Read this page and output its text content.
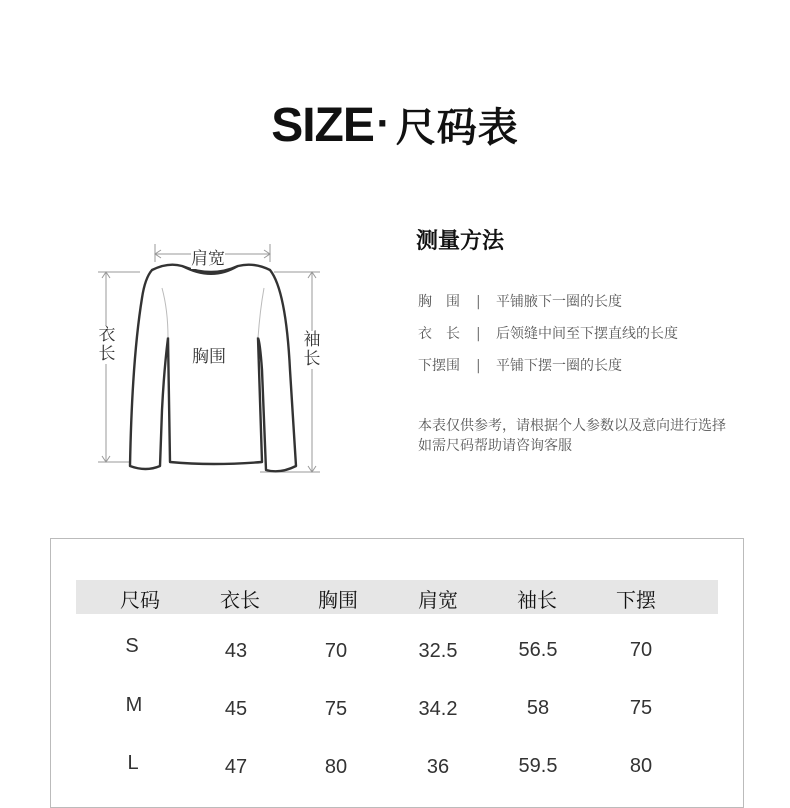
SIZE· 尺码表
肩宽
胸围
衣长
袖长
测量方法
胸　围 | 平铺腋下一圈的长度
衣　长 | 后领缝中间至下摆直线的长度
下摆围 | 平铺下摆一圈的长度
本表仅供参考，请根据个人参数以及意向进行选择
如需尺码帮助请咨询客服
尺码	衣长	胸围	肩宽	袖长	下摆
S	43	70	32.5	56.5	70
M	45	75	34.2	58	75
L	47	80	36	59.5	80
